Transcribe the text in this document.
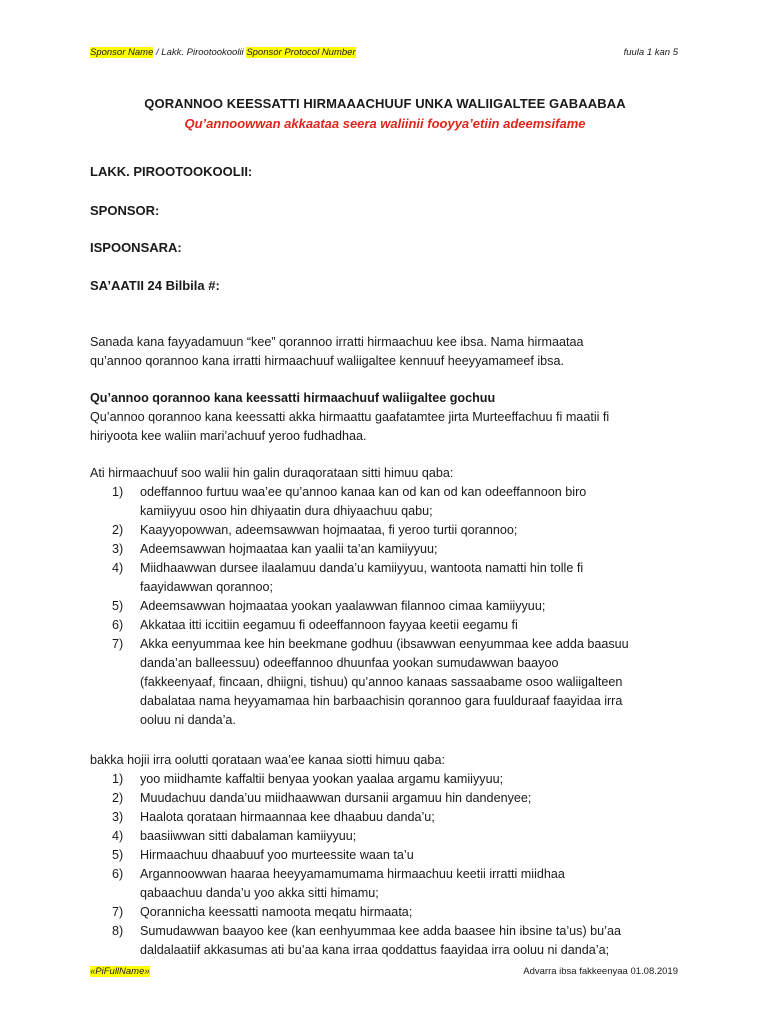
Sponsor Name / Lakk. Pirootookoolii Sponsor Protocol Number	fuula 1 kan 5
QORANNOO KEESSATTI HIRMAAACHUUF UNKA WALIIGALTEE GABAABAA
Qu’annoowwan akkaataa seera waliinii fooyya’etiin adeemsifame
LAKK. PIROOTOOKOOLII:
SPONSOR:
ISPOONSARA:
SA’AATII 24 Bilbila #:

Sanada kana fayyadamuun “kee” qorannoo irratti hirmaachuu kee ibsa. Nama hirmaataa

qu’annoo qorannoo kana irratti hirmaachuuf waliigaltee kennuuf heeyyamameef ibsa.

Qu’annoo qorannoo kana keessatti hirmaachuuf waliigaltee gochuu

Qu’annoo qorannoo kana keessatti akka hirmaattu gaafatamtee jirta Murteeffachuu fi maatii fi

hiriyoota kee waliin mari’achuuf yeroo fudhadhaa.

Ati hirmaachuuf soo walii hin galin duraqorataan sitti himuu qaba:

1) odeffannoo furtuu waa’ee qu’annoo kanaa kan od kan od kan odeeffannoon biro
kamiiyyuu osoo hin dhiyaatin dura dhiyaachuu qabu;
2) Kaayyopowwan, adeemsawwan hojmaataa, fi yeroo turtii qorannoo;
3) Adeemsawwan hojmaataa kan yaalii ta’an kamiiyyuu;
4) Miidhaawwan dursee ilaalamuu danda’u kamiiyyuu, wantoota namatti hin tolle fi
faayidawwan qorannoo;
5) Adeemsawwan hojmaataa yookan yaalawwan filannoo cimaa kamiiyyuu;
6) Akkataa itti iccitiin eegamuu fi odeeffannoon fayyaa keetii eegamu fi
7) Akka eenyummaa kee hin beekmane godhuu (ibsawwan eenyummaa kee adda baasuu
danda’an balleessuu) odeeffannoo dhuunfaa yookan sumudawwan baayoo
(fakkeenyaaf, fincaan, dhiigni, tishuu) qu’annoo kanaas sassaabame osoo waliigalteen
dabalataa nama heyyamamaa hin barbaachisin qorannoo gara fuulduraaf faayidaa irra
ooluu ni danda’a.

bakka hojii irra oolutti qorataan waa’ee kanaa siotti himuu qaba:

1) yoo miidhamte kaffaltii benyaa yookan yaalaa argamu kamiiyyuu;
2) Muudachuu danda’uu miidhaawwan dursanii argamuu hin dandenyee;
3) Haalota qorataan hirmaannaa kee dhaabuu danda’u;
4) baasiiwwan sitti dabalaman kamiiyyuu;
5) Hirmaachuu dhaabuuf yoo murteessite waan ta’u
6) Argannoowwan haaraa heeyyamamumama hirmaachuu keetii irratti miidhaa
qabaachuu danda’u yoo akka sitti himamu;
7) Qorannicha keessatti namoota meqatu hirmaata;
8) Sumudawwan baayoo kee (kan eenhyummaa kee adda baasee hin ibsine ta’us) bu’aa
daldalaatiif akkasumas ati bu’aa kana irraa qoddattus faayidaa irra ooluu ni danda’a;
«PiFullName»	Advarra ibsa fakkeenyaa 01.08.2019
